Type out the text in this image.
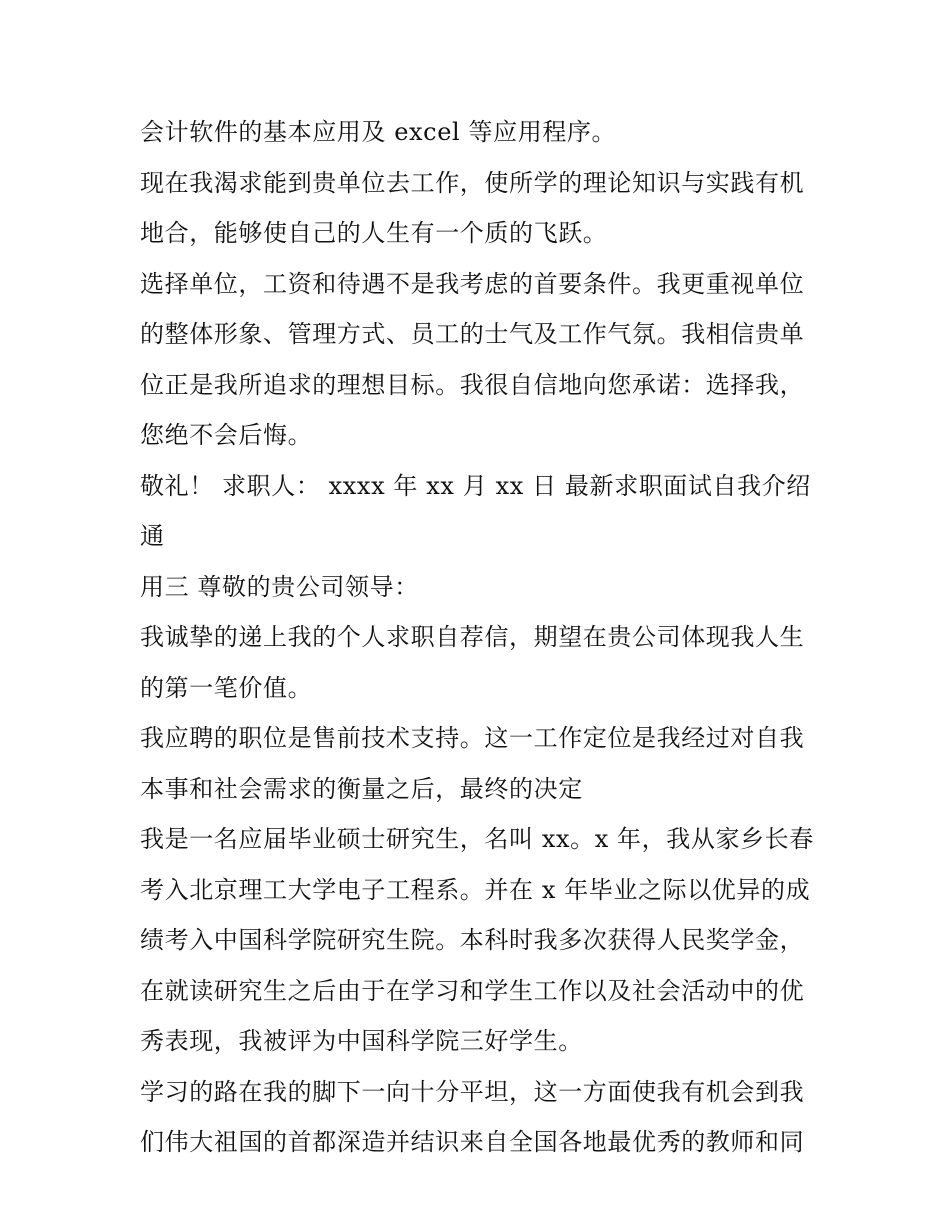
会计软件的基本应用及 excel 等应用程序。

现在我渴求能到贵单位去工作，使所学的理论知识与实践有机
地合，能够使自己的人生有一个质的飞跃。

选择单位，工资和待遇不是我考虑的首要条件。我更重视单位
的整体形象、管理方式、员工的士气及工作气氛。我相信贵单
位正是我所追求的理想目标。我很自信地向您承诺：选择我，
您绝不会后悔。

敬礼！ 求职人： xxxx 年 xx 月 xx 日 最新求职面试自我介绍通
用三 尊敬的贵公司领导：

我诚挚的递上我的个人求职自荐信，期望在贵公司体现我人生
的第一笔价值。

我应聘的职位是售前技术支持。这一工作定位是我经过对自我
本事和社会需求的衡量之后，最终的决定

我是一名应届毕业硕士研究生，名叫 xx。x 年，我从家乡长春
考入北京理工大学电子工程系。并在 x 年毕业之际以优异的成
绩考入中国科学院研究生院。本科时我多次获得人民奖学金，
在就读研究生之后由于在学习和学生工作以及社会活动中的优
秀表现，我被评为中国科学院三好学生。

学习的路在我的脚下一向十分平坦，这一方面使我有机会到我
们伟大祖国的首都深造并结识来自全国各地最优秀的教师和同
